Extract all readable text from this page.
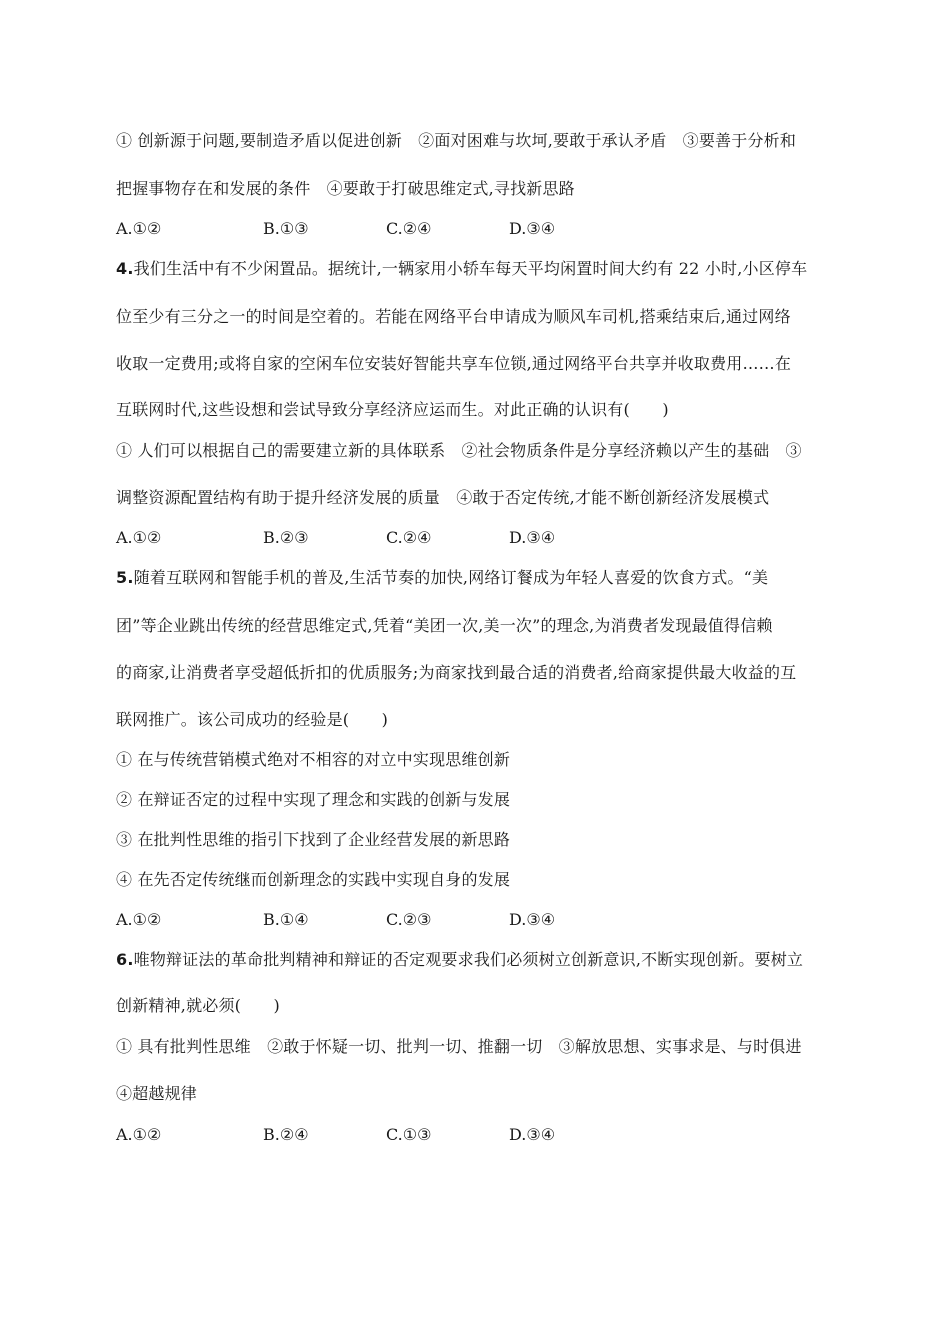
① 创新源于问题,要制造矛盾以促进创新　②面对困难与坎坷,要敢于承认矛盾　③要善于分析和
把握事物存在和发展的条件　④要敢于打破思维定式,寻找新思路
A.①②	B.①③	C.②④	D.③④
4.我们生活中有不少闲置品。据统计,一辆家用小轿车每天平均闲置时间大约有 22 小时,小区停车
位至少有三分之一的时间是空着的。若能在网络平台申请成为顺风车司机,搭乘结束后,通过网络
收取一定费用;或将自家的空闲车位安装好智能共享车位锁,通过网络平台共享并收取费用……在
互联网时代,这些设想和尝试导致分享经济应运而生。对此正确的认识有(　　)
① 人们可以根据自己的需要建立新的具体联系　②社会物质条件是分享经济赖以产生的基础　③
调整资源配置结构有助于提升经济发展的质量　④敢于否定传统,才能不断创新经济发展模式
A.①②	B.②③	C.②④	D.③④
5.随着互联网和智能手机的普及,生活节奏的加快,网络订餐成为年轻人喜爱的饮食方式。“美
团”等企业跳出传统的经营思维定式,凭着“美团一次,美一次”的理念,为消费者发现最值得信赖
的商家,让消费者享受超低折扣的优质服务;为商家找到最合适的消费者,给商家提供最大收益的互
联网推广。该公司成功的经验是(　　)
① 在与传统营销模式绝对不相容的对立中实现思维创新
② 在辩证否定的过程中实现了理念和实践的创新与发展
③ 在批判性思维的指引下找到了企业经营发展的新思路
④ 在先否定传统继而创新理念的实践中实现自身的发展
A.①②	B.①④	C.②③	D.③④
6.唯物辩证法的革命批判精神和辩证的否定观要求我们必须树立创新意识,不断实现创新。要树立
创新精神,就必须(　　)
① 具有批判性思维　②敢于怀疑一切、批判一切、推翻一切　③解放思想、实事求是、与时俱进
④超越规律
A.①②	B.②④	C.①③	D.③④
